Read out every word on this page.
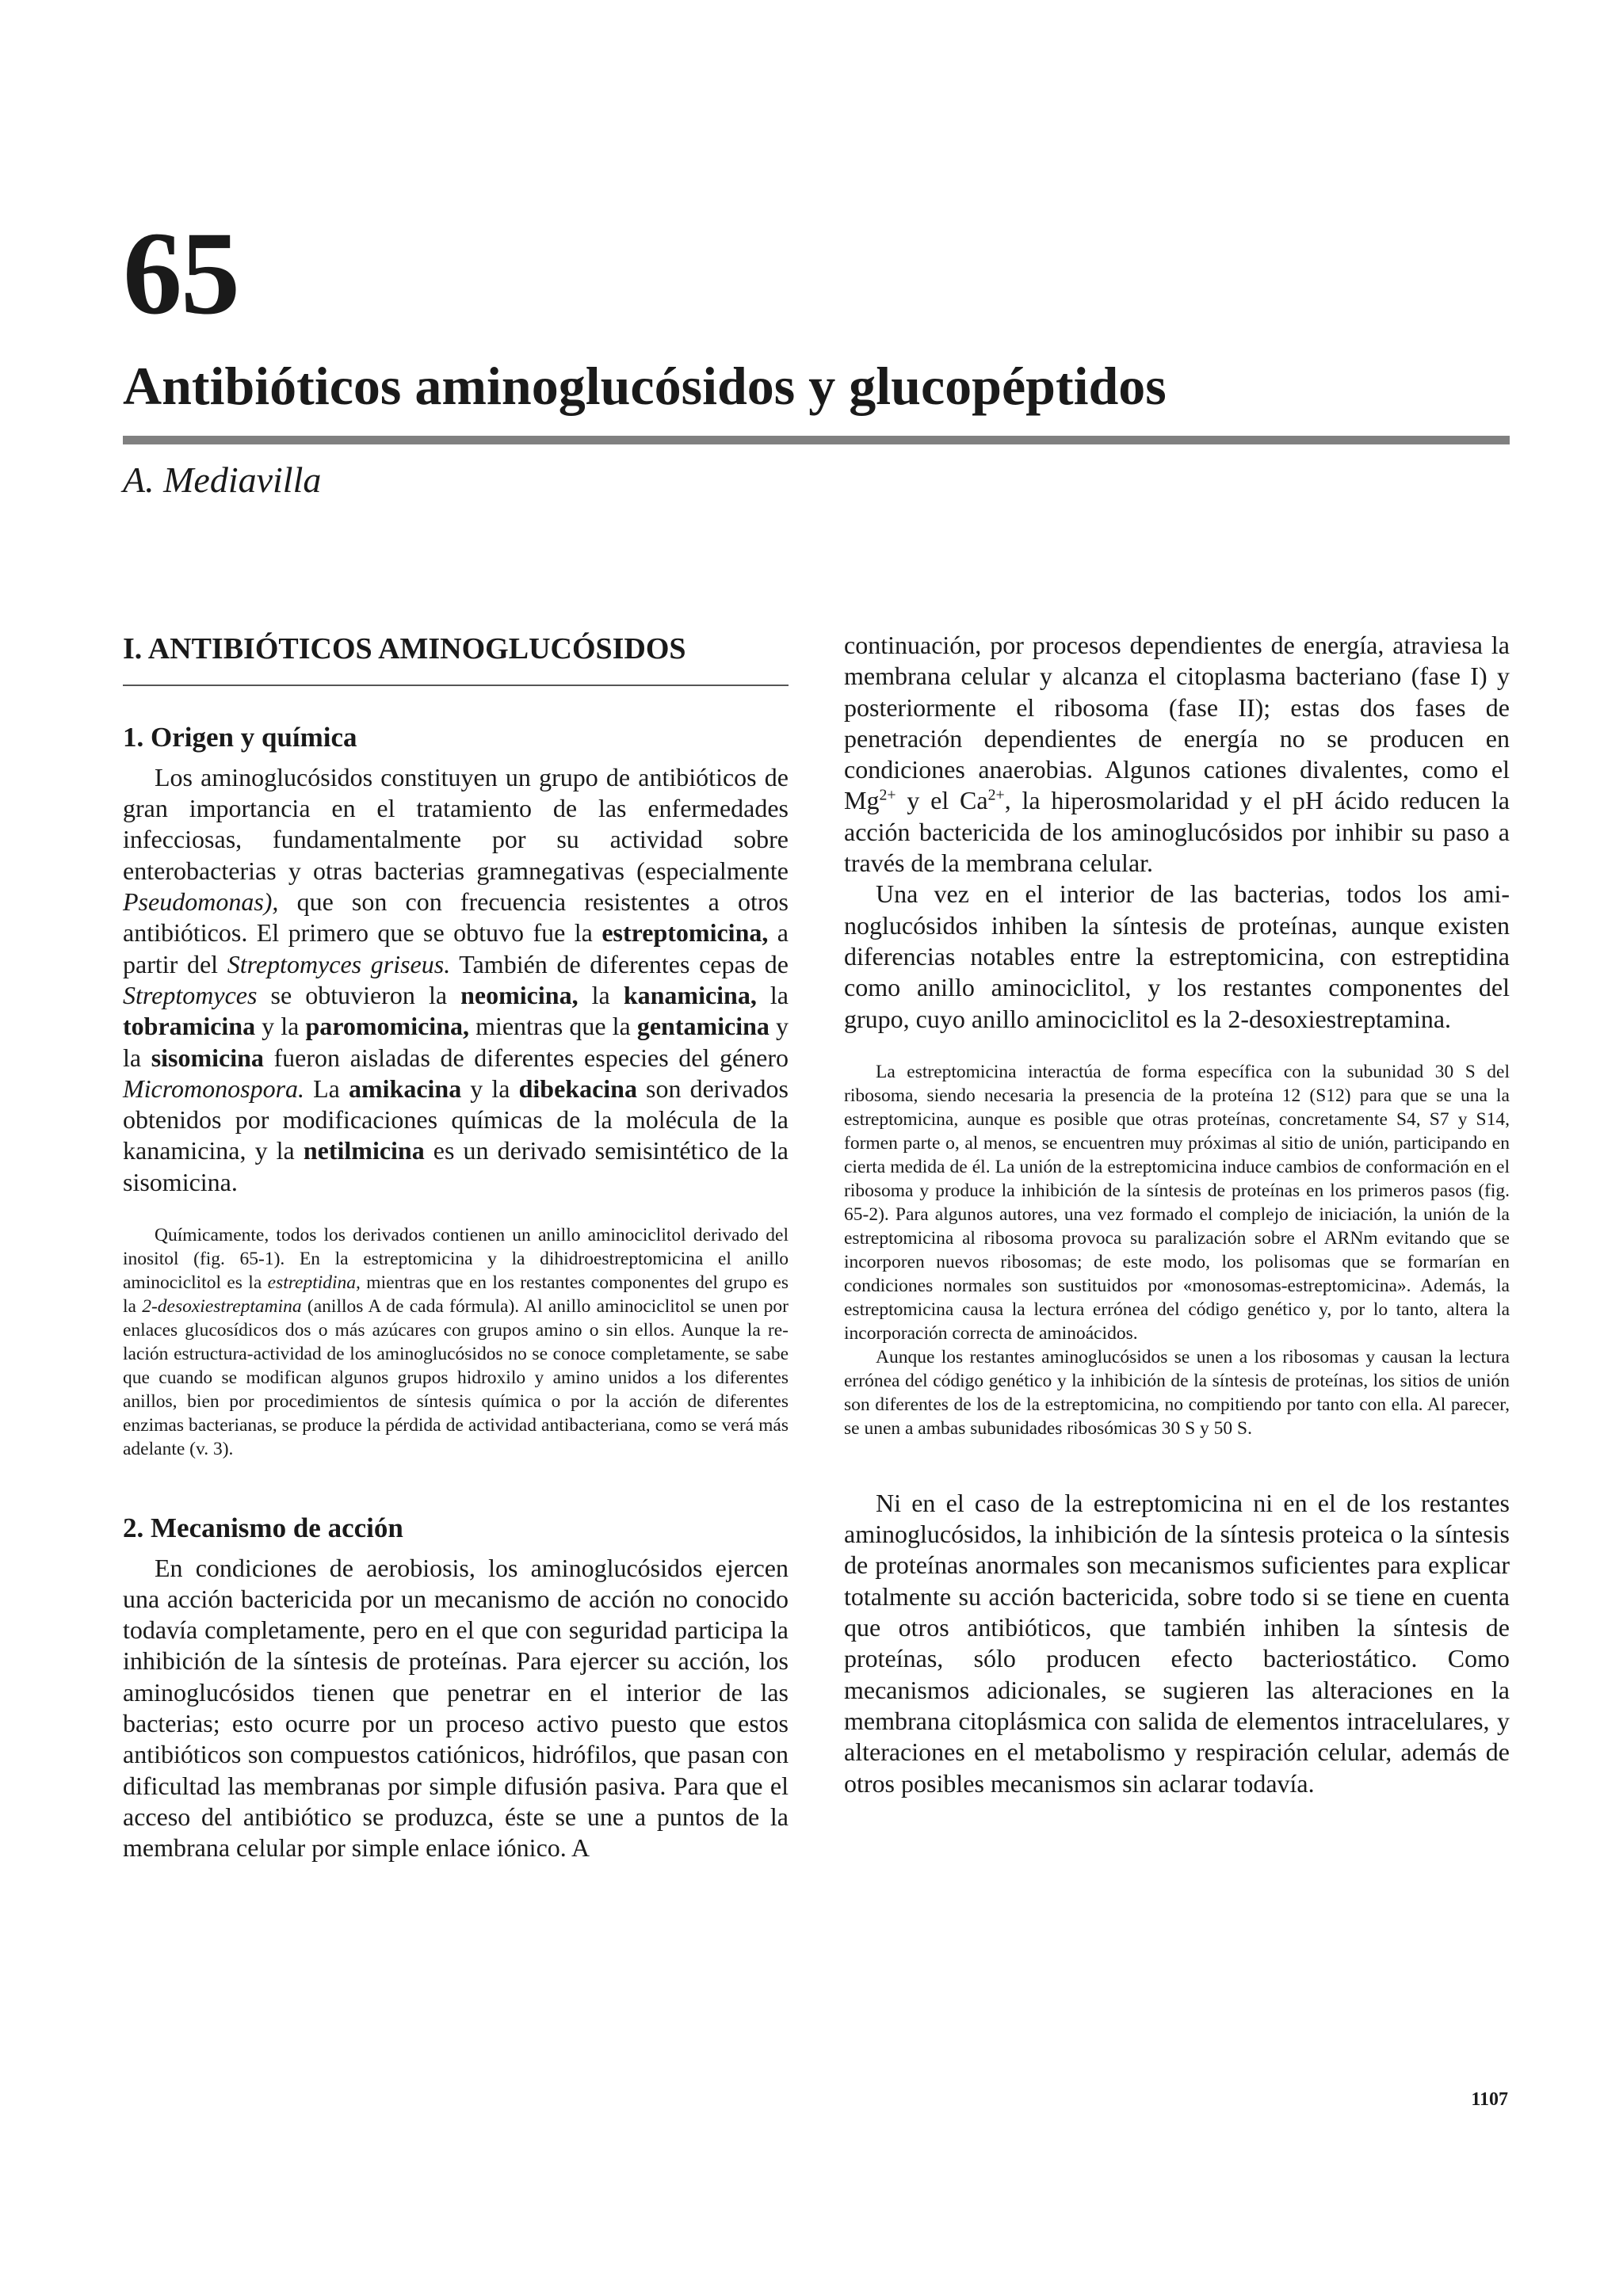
65
Antibióticos aminoglucósidos y glucopéptidos

A. Mediavilla

I. ANTIBIÓTICOS AMINOGLUCÓSIDOS
1. Origen y química

Los aminoglucósidos constituyen un grupo de antibióticos de gran importancia en el tratamiento de las enfermedades infecciosas, fundamentalmente por su actividad sobre enterobacterias y otras bacterias gramnegativas (especialmente Pseudomonas), que son con frecuencia resistentes a otros antibióticos. El primero que se obtuvo fue la estreptomicina, a partir del Streptomyces griseus. También de diferentes cepas de Streptomyces se obtuvieron la neomicina, la kanamicina, la tobramicina y la paromomicina, mientras que la gentamicina y la sisomicina fueron aisladas de diferentes especies del género Micromonospora. La amikacina y la dibekacina son derivados obtenidos por modificaciones químicas de la molécula de la kanamicina, y la netilmicina es un derivado semisintético de la sisomicina.

Químicamente, todos los derivados contienen un anillo aminociclitol derivado del inositol (fig. 65-1). En la estreptomicina y la dihidroestreptomicina el anillo aminociclitol es la estreptidina, mientras que en los restantes componentes del grupo es la 2-desoxiestreptamina (anillos A de cada fórmula). Al anillo aminociclitol se unen por enlaces glucosídicos dos o más azúcares con grupos amino o sin ellos. Aunque la relación estructura-actividad de los aminoglucósidos no se conoce completamente, se sabe que cuando se modifican algunos grupos hidroxilo y amino unidos a los diferentes anillos, bien por procedimientos de síntesis química o por la acción de diferentes enzimas bacterianas, se produce la pérdida de actividad antibacteriana, como se verá más adelante (v. 3).

2. Mecanismo de acción

En condiciones de aerobiosis, los aminoglucósidos ejercen una acción bactericida por un mecanismo de acción no conocido todavía completamente, pero en el que con seguridad participa la inhibición de la síntesis de proteínas. Para ejercer su acción, los aminoglucósidos tienen que penetrar en el interior de las bacterias; esto ocurre por un proceso activo puesto que estos antibióticos son compuestos catiónicos, hidrófilos, que pasan con dificultad las membranas por simple difusión pasiva. Para que el acceso del antibiótico se produzca, éste se une a puntos de la membrana celular por simple enlace iónico. A

continuación, por procesos dependientes de energía, atraviesa la membrana celular y alcanza el citoplasma bacteriano (fase I) y posteriormente el ribosoma (fase II); estas dos fases de penetración dependientes de energía no se producen en condiciones anaerobias. Algunos cationes divalentes, como el $Mg^{2+}$ y el $Ca^{2+}$, la hiperosmolaridad y el pH ácido reducen la acción bactericida de los aminoglucósidos por inhibir su paso a través de la membrana celular.

Una vez en el interior de las bacterias, todos los aminoglucósidos inhiben la síntesis de proteínas, aunque existen diferencias notables entre la estreptomicina, con estreptidina como anillo aminociclitol, y los restantes componentes del grupo, cuyo anillo aminociclitol es la 2-desoxiestreptamina.

La estreptomicina interactúa de forma específica con la subunidad 30 S del ribosoma, siendo necesaria la presencia de la proteína 12 (S12) para que se una la estreptomicina, aunque es posible que otras proteínas, concretamente S4, S7 y S14, formen parte o, al menos, se encuentren muy próximas al sitio de unión, participando en cierta medida de él. La unión de la estreptomicina induce cambios de conformación en el ribosoma y produce la inhibición de la síntesis de proteínas en los primeros pasos (fig. 65-2). Para algunos autores, una vez formado el complejo de iniciación, la unión de la estreptomicina al ribosoma provoca su paralización sobre el ARNm evitando que se incorporen nuevos ribosomas; de este modo, los polisomas que se formarían en condiciones normales son sustituidos por «monosomas-estreptomicina». Además, la estreptomicina causa la lectura errónea del código genético y, por lo tanto, altera la incorporación correcta de aminoácidos.

Aunque los restantes aminoglucósidos se unen a los ribosomas y causan la lectura errónea del código genético y la inhibición de la síntesis de proteínas, los sitios de unión son diferentes de los de la estreptomicina, no compitiendo por tanto con ella. Al parecer, se unen a ambas subunidades ribosómicas 30 S y 50 S.

Ni en el caso de la estreptomicina ni en el de los restantes aminoglucósidos, la inhibición de la síntesis proteica o la síntesis de proteínas anormales son mecanismos suficientes para explicar totalmente su acción bactericida, sobre todo si se tiene en cuenta que otros antibióticos, que también inhiben la síntesis de proteínas, sólo producen efecto bacteriostático. Como mecanismos adicionales, se sugieren las alteraciones en la membrana citoplásmica con salida de elementos intracelulares, y alteraciones en el metabolismo y respiración celular, además de otros posibles mecanismos sin aclarar todavía.

1107
